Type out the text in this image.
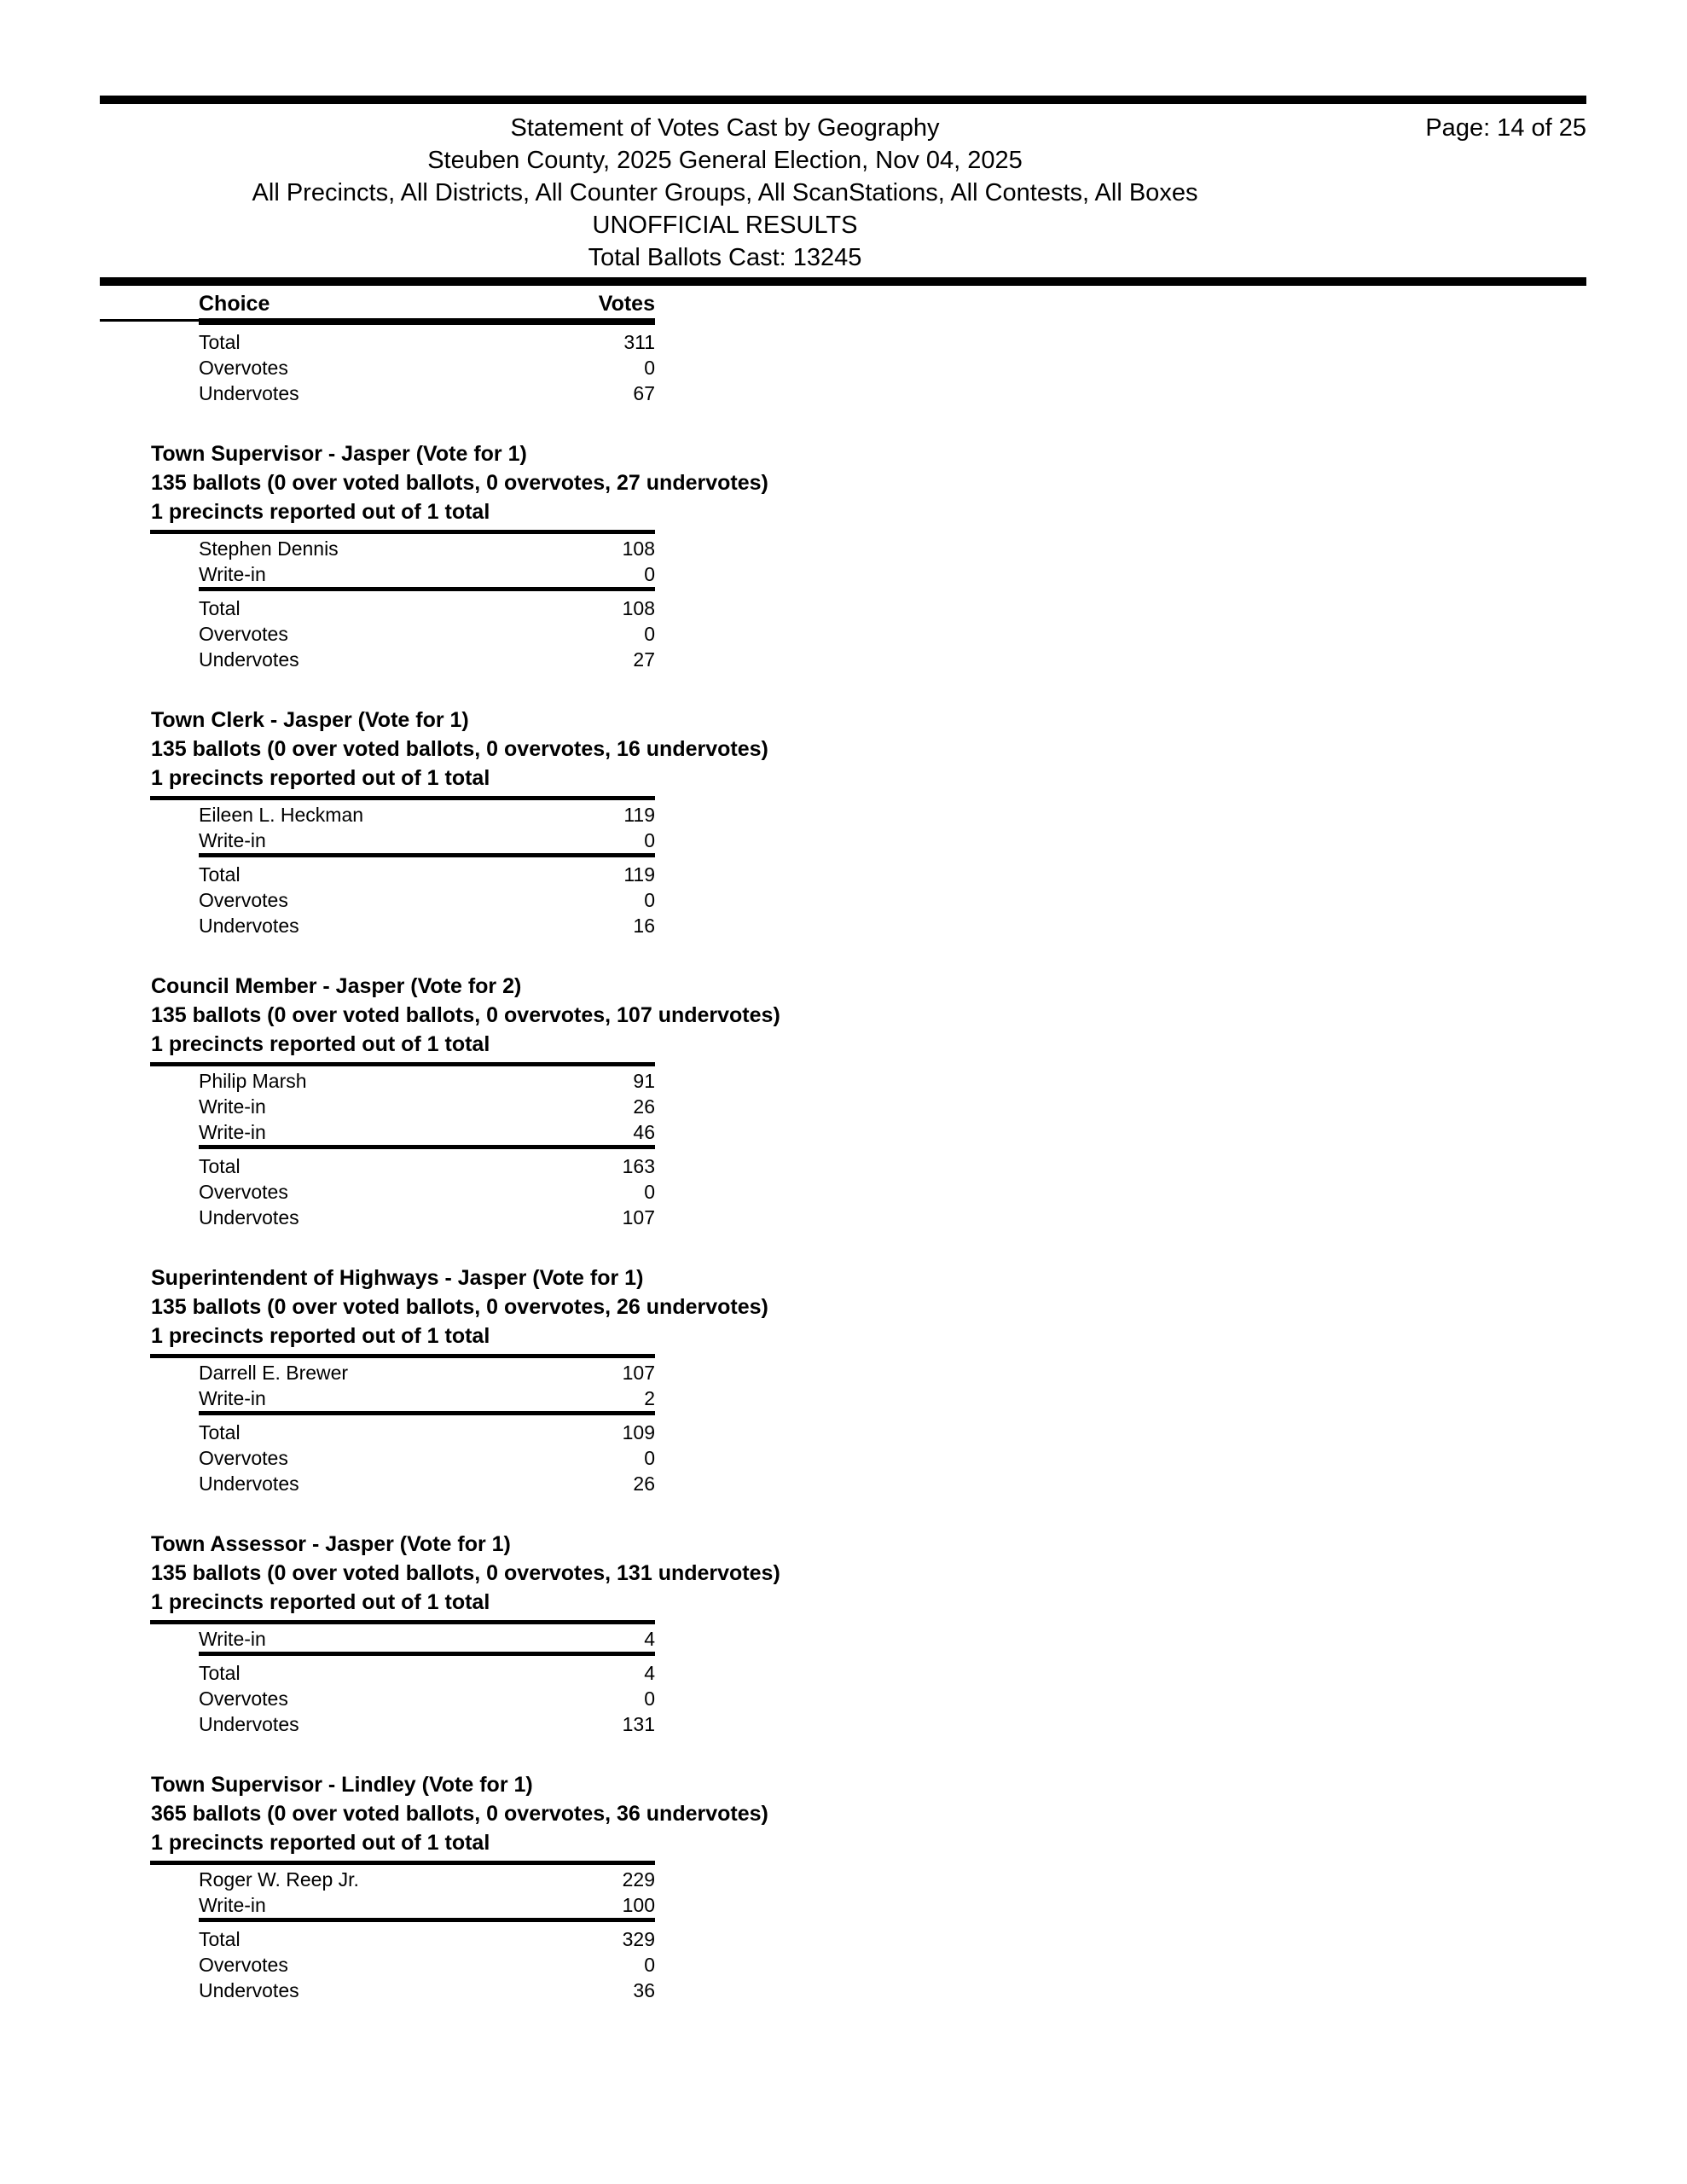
Statement of Votes Cast by Geography
Steuben County, 2025 General Election, Nov 04, 2025
All Precincts, All Districts, All Counter Groups, All ScanStations, All Contests, All Boxes
UNOFFICIAL RESULTS
Total Ballots Cast: 13245
Page: 14 of 25
Choice	Votes
Total	311
Overvotes	0
Undervotes	67
Town Supervisor - Jasper (Vote for 1)
135 ballots (0 over voted ballots, 0 overvotes, 27 undervotes)
1 precincts reported out of 1 total
Stephen Dennis	108
Write-in	0
Total	108
Overvotes	0
Undervotes	27
Town Clerk - Jasper (Vote for 1)
135 ballots (0 over voted ballots, 0 overvotes, 16 undervotes)
1 precincts reported out of 1 total
Eileen L. Heckman	119
Write-in	0
Total	119
Overvotes	0
Undervotes	16
Council Member - Jasper (Vote for 2)
135 ballots (0 over voted ballots, 0 overvotes, 107 undervotes)
1 precincts reported out of 1 total
Philip Marsh	91
Write-in	26
Write-in	46
Total	163
Overvotes	0
Undervotes	107
Superintendent of Highways - Jasper (Vote for 1)
135 ballots (0 over voted ballots, 0 overvotes, 26 undervotes)
1 precincts reported out of 1 total
Darrell E. Brewer	107
Write-in	2
Total	109
Overvotes	0
Undervotes	26
Town Assessor - Jasper (Vote for 1)
135 ballots (0 over voted ballots, 0 overvotes, 131 undervotes)
1 precincts reported out of 1 total
Write-in	4
Total	4
Overvotes	0
Undervotes	131
Town Supervisor - Lindley (Vote for 1)
365 ballots (0 over voted ballots, 0 overvotes, 36 undervotes)
1 precincts reported out of 1 total
Roger W. Reep Jr.	229
Write-in	100
Total	329
Overvotes	0
Undervotes	36
